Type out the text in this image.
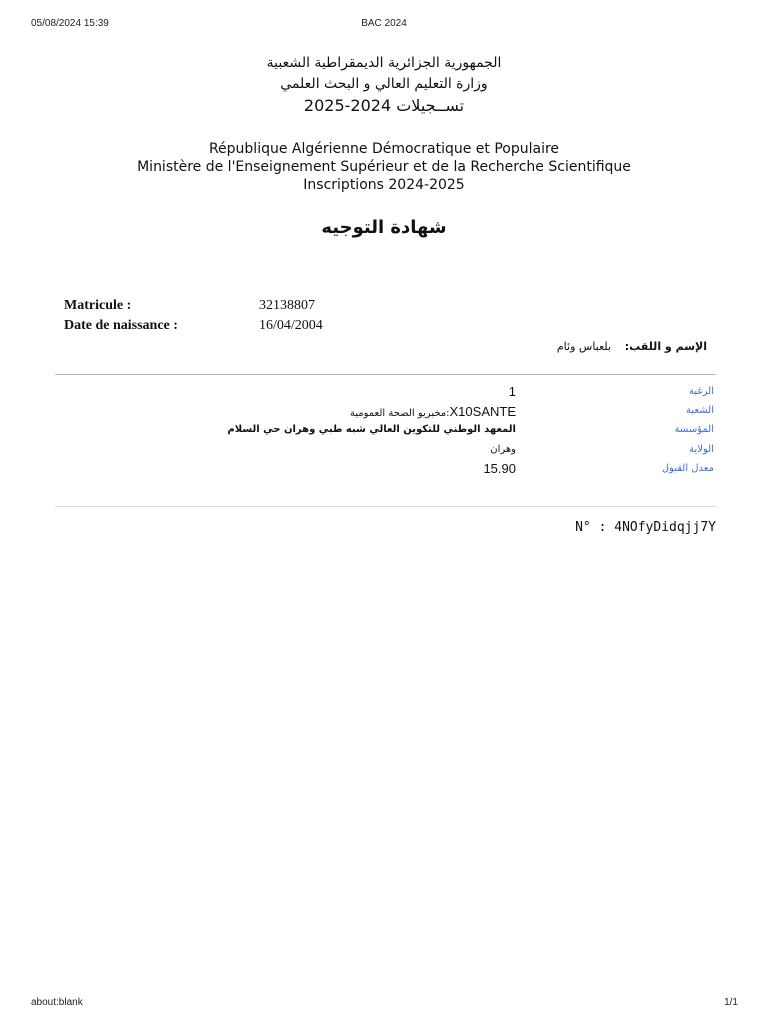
05/08/2024 15:39	BAC 2024
الجمهورية الجزائرية الديمقراطية الشعبية
وزارة التعليم العالي و البحث العلمي
تســجيلات 2024-2025
République Algérienne Démocratique et Populaire
Ministère de l'Enseignement Supérieur et de la Recherche Scientifique
Inscriptions 2024-2025
شهادة التوجيه
Matricule :	32138807
Date de naissance :	16/04/2004
الإسم و اللقب:
بلعباس وئام
الرغبة
1
الشعبة
X10SANTE:مخبريو الصحة العمومية
المؤسسة
المعهد الوطني للتكوين العالي شبه طبي وهران حي السلام
الولاية
وهران
معدل القبول
15.90
N° : 4NOfyDidqjj7Y
about:blank	1/1
